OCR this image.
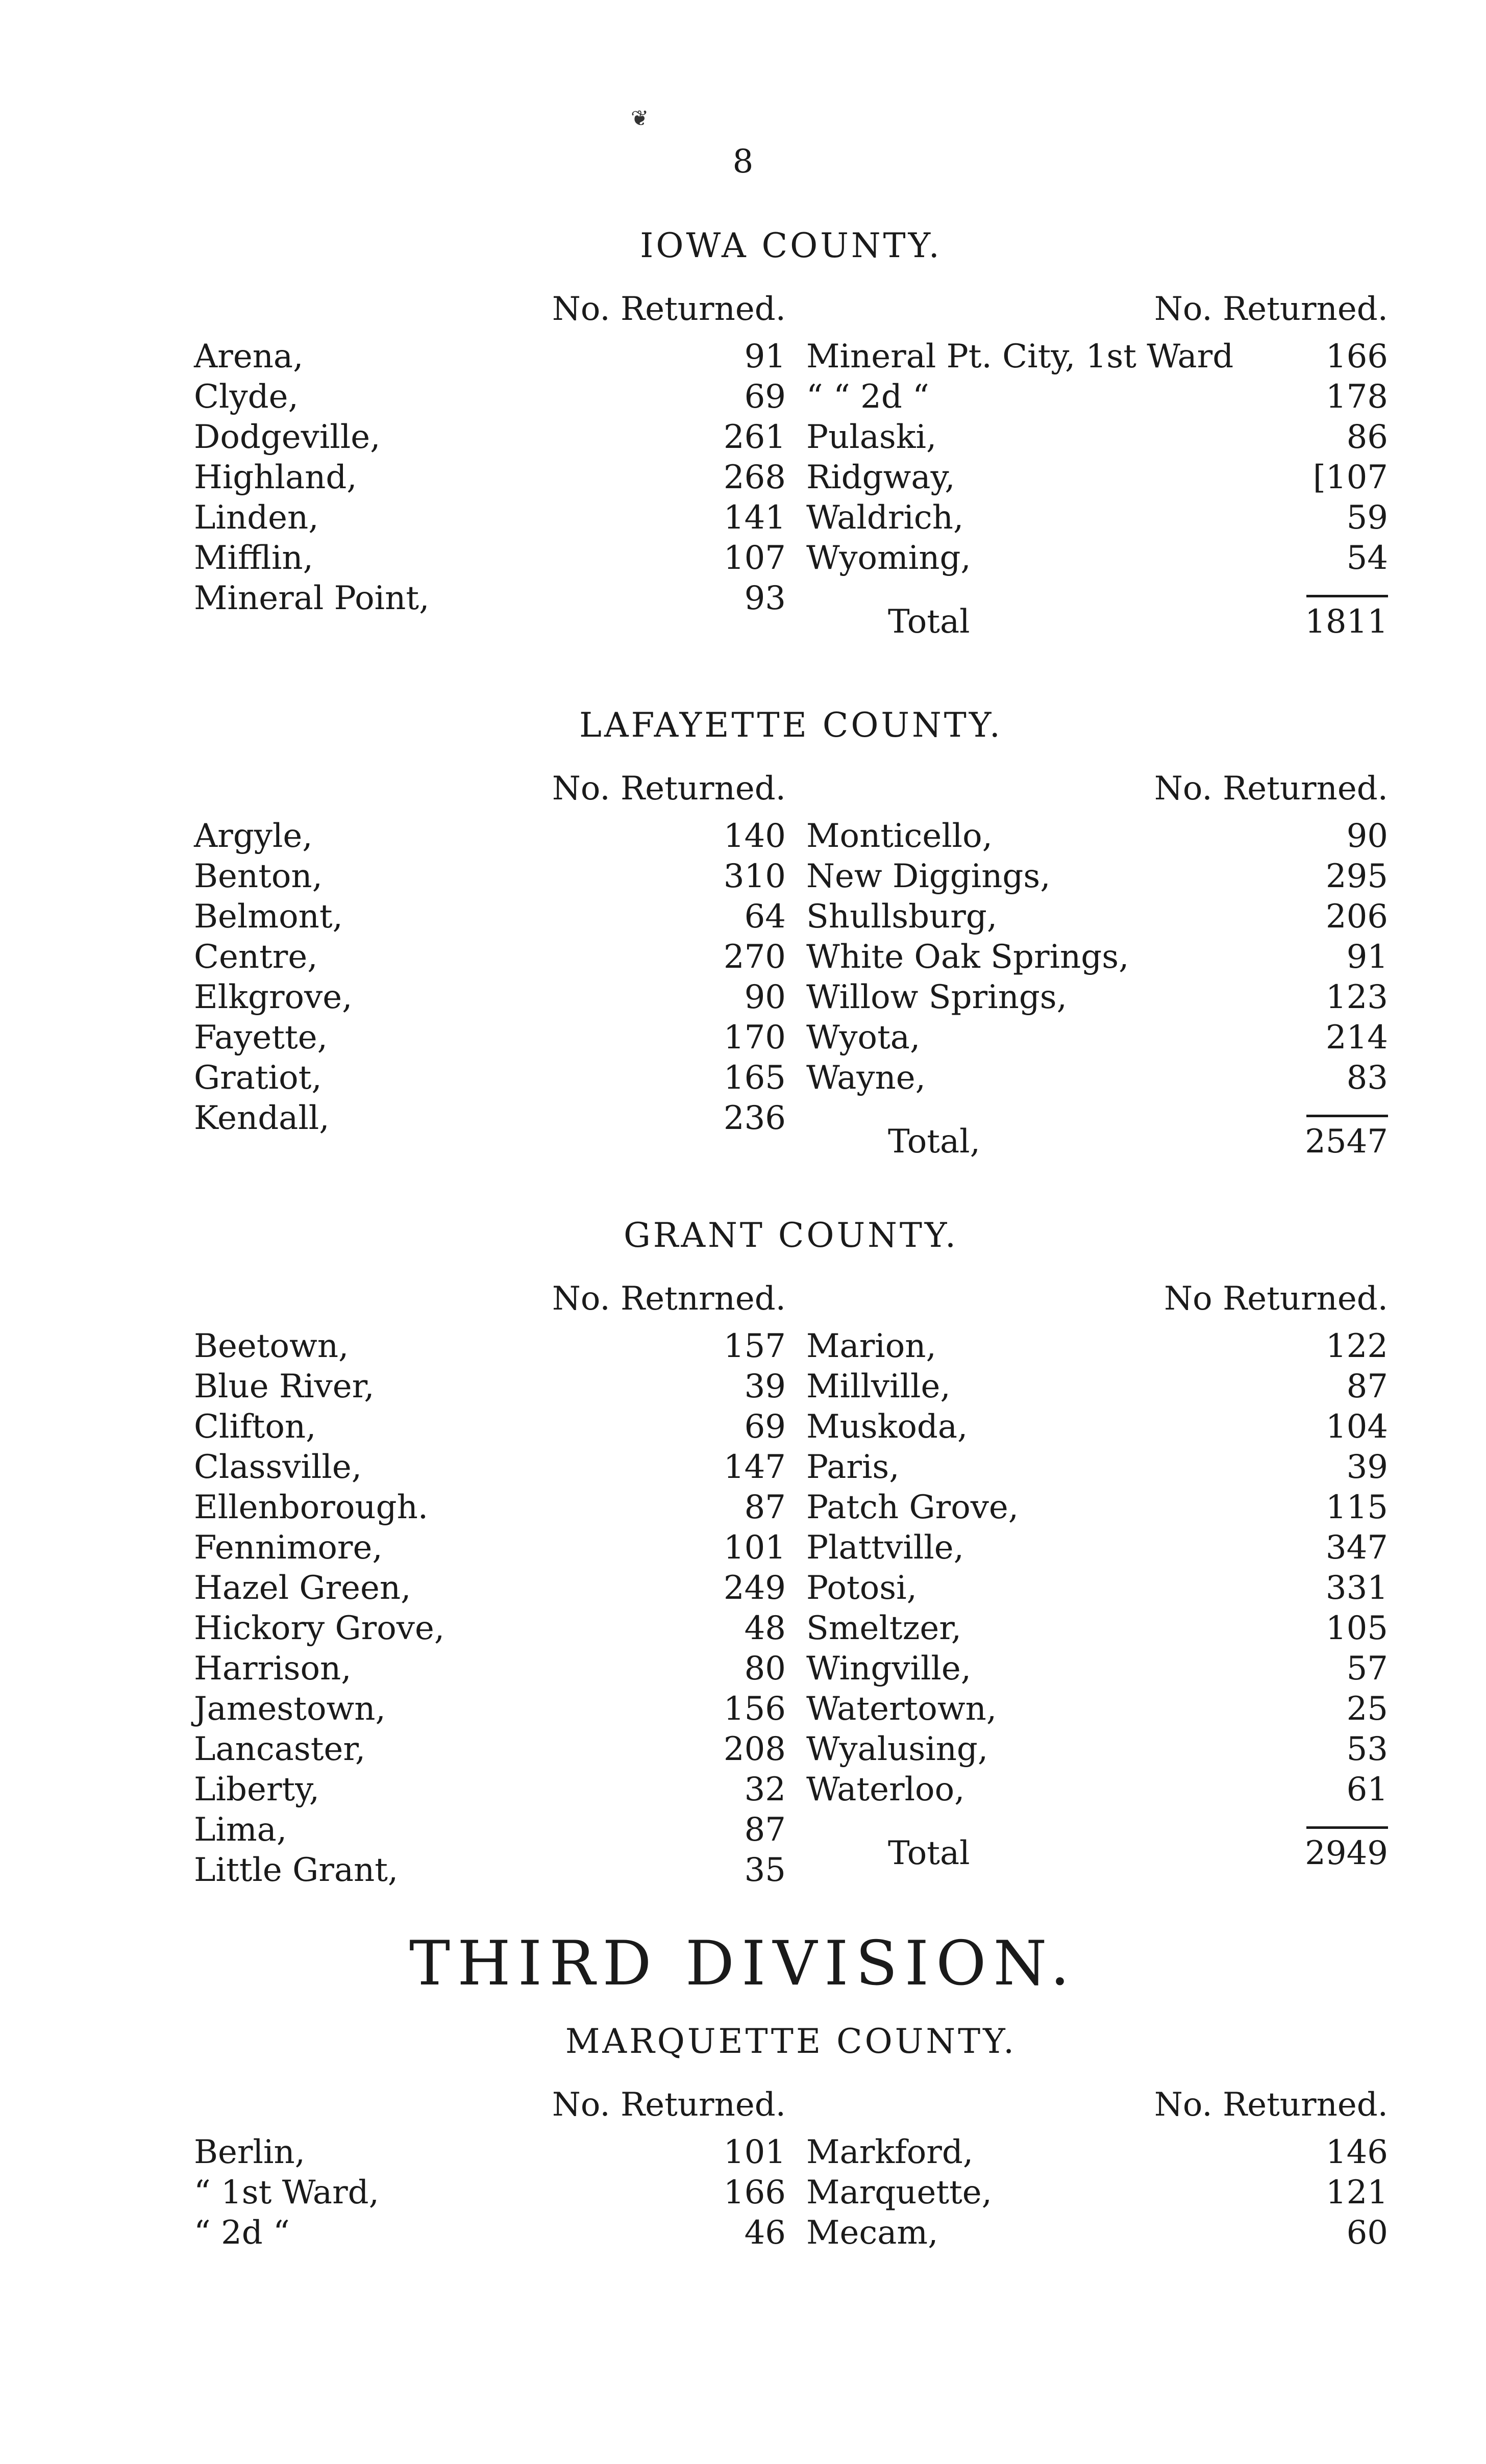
❦
8
IOWA COUNTY.
No. Returned.
Arena,	91
Clyde,	69
Dodgeville,	261
Highland,	268
Linden,	141
Mifflin,	107
Mineral Point,	93
No. Returned.
Mineral Pt. City, 1st Ward	166
“ “ 2d “	178
Pulaski,	86
Ridgway,	[107
Waldrich,	59
Wyoming,	54
Total	1811
LAFAYETTE COUNTY.
No. Returned.
Argyle,	140
Benton,	310
Belmont,	64
Centre,	270
Elkgrove,	90
Fayette,	170
Gratiot,	165
Kendall,	236
No. Returned.
Monticello,	90
New Diggings,	295
Shullsburg,	206
White Oak Springs,	91
Willow Springs,	123
Wyota,	214
Wayne,	83
Total,	2547
GRANT COUNTY.
No. Retnrned.
Beetown,	157
Blue River,	39
Clifton,	69
Classville,	147
Ellenborough.	87
Fennimore,	101
Hazel Green,	249
Hickory Grove,	48
Harrison,	80
Jamestown,	156
Lancaster,	208
Liberty,	32
Lima,	87
Little Grant,	35
No Returned.
Marion,	122
Millville,	87
Muskoda,	104
Paris,	39
Patch Grove,	115
Plattville,	347
Potosi,	331
Smeltzer,	105
Wingville,	57
Watertown,	25
Wyalusing,	53
Waterloo,	61
Total	2949
THIRD DIVISION.
MARQUETTE COUNTY.
No. Returned.
Berlin,	101
“ 1st Ward,	166
“ 2d “	46
No. Returned.
Markford,	146
Marquette,	121
Mecam,	60
